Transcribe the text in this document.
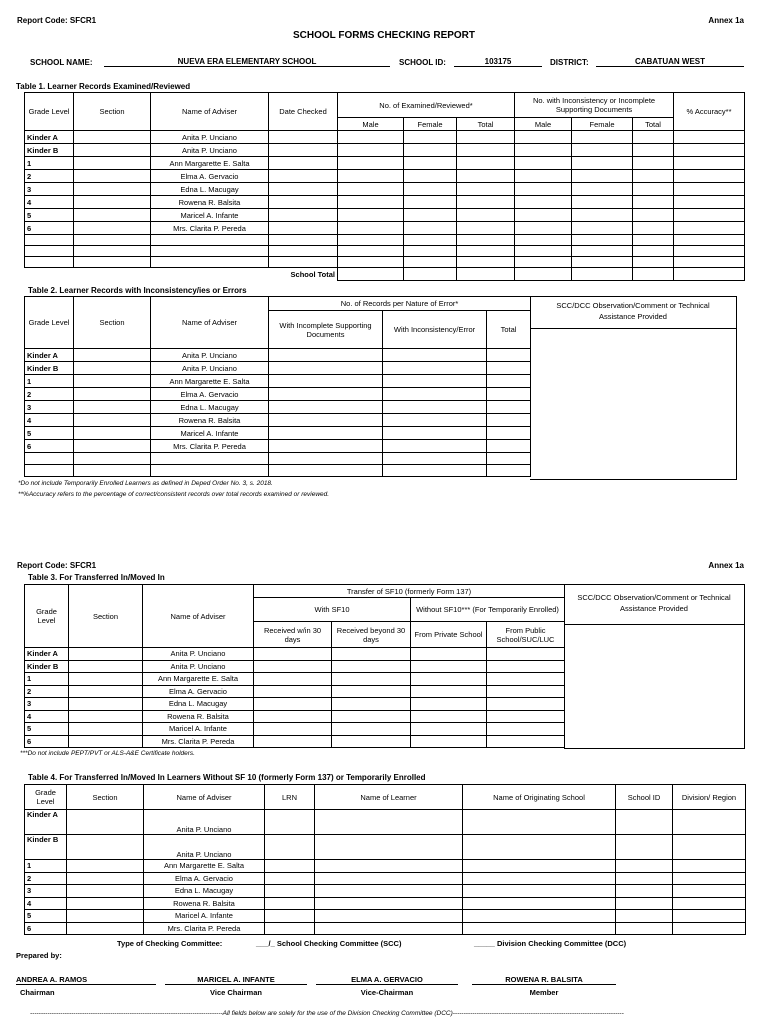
Report Code: SFCR1	Annex 1a
SCHOOL FORMS CHECKING REPORT
SCHOOL NAME:	NUEVA ERA ELEMENTARY SCHOOL	SCHOOL ID:	103175	DISTRICT:	CABATUAN WEST
Table 1. Learner Records Examined/Reviewed
Grade Level	Section	Name of Adviser	Date Checked	No. of Examined/Reviewed*			No. with Inconsistency or Incomplete Supporting Documents			% Accuracy**
				Male	Female	Total	Male	Female	Total	
Kinder A		Anita P. Unciano								
Kinder B		Anita P. Unciano								
1		Ann Margarette E. Salta								
2		Elma A. Gervacio								
3		Edna L. Macugay								
4		Rowena R. Balsita								
5		Maricel A. Infante								
6		Mrs. Clarita P. Pereda								

School Total										
Table 2. Learner Records with Inconsistency/ies or Errors
Grade Level	Section	Name of Adviser	No. of Records per Nature of Error*		
			With Incomplete Supporting Documents	With Inconsistency/Error	Total
Kinder A		Anita P. Unciano			
Kinder B		Anita P. Unciano			
1		Ann Margarette E. Salta			
2		Elma A. Gervacio			
3		Edna L. Macugay			
4		Rowena R. Balsita			
5		Maricel A. Infante			
6		Mrs. Clarita P. Pereda			

SCC/DCC Observation/Comment or Technical Assistance Provided
*Do not include Temporarily Enrolled Learners as defined in Deped Order No. 3, s. 2018.
**%Accuracy refers to the percentage of correct/consistent records over total records examined or reviewed.
Report Code: SFCR1	Annex 1a
Table 3. For Transferred In/Moved In
Grade Level	Section	Name of Adviser	Transfer of SF10 (formerly Form 137)			
			With SF10		Without SF10*** (For Temporarily Enrolled)	
			Received w/in 30 days	Received beyond 30 days	From Private School	From Public School/SUC/LUC
Kinder A		Anita P. Unciano				
Kinder B		Anita P. Unciano				
1		Ann Margarette E. Salta				
2		Elma A. Gervacio				
3		Edna L. Macugay				
4		Rowena R. Balsita				
5		Maricel A. Infante				
6		Mrs. Clarita P. Pereda				
SCC/DCC Observation/Comment or Technical Assistance Provided
***Do not include PEPT/PVT or ALS-A&E Certificate holders.
Table 4. For Transferred In/Moved In Learners Without SF 10 (formerly Form 137) or Temporarily Enrolled
Grade Level	Section	Name of Adviser	LRN	Name of Learner	Name of Originating School	School ID	Division/ Region
Kinder A		Anita P. Unciano					
Kinder B		Anita P. Unciano					
1		Ann Margarette E. Salta					
2		Elma A. Gervacio					
3		Edna L. Macugay					
4		Rowena R. Balsita					
5		Maricel A. Infante					
6		Mrs. Clarita P. Pereda					
Type of Checking Committee:	___/_ School Checking Committee (SCC)	_____ Division Checking Committee (DCC)
Prepared by:
ANDREA A. RAMOS
Chairman
MARICEL A. INFANTE
Vice Chairman
ELMA A. GERVACIO
Vice-Chairman
ROWENA R. BALSITA
Member
-----------------------------------------------------------------------------------------All fields below are solely for the use of the Division Checking Committee (DCC)-------------------------------------------------------------------------------
